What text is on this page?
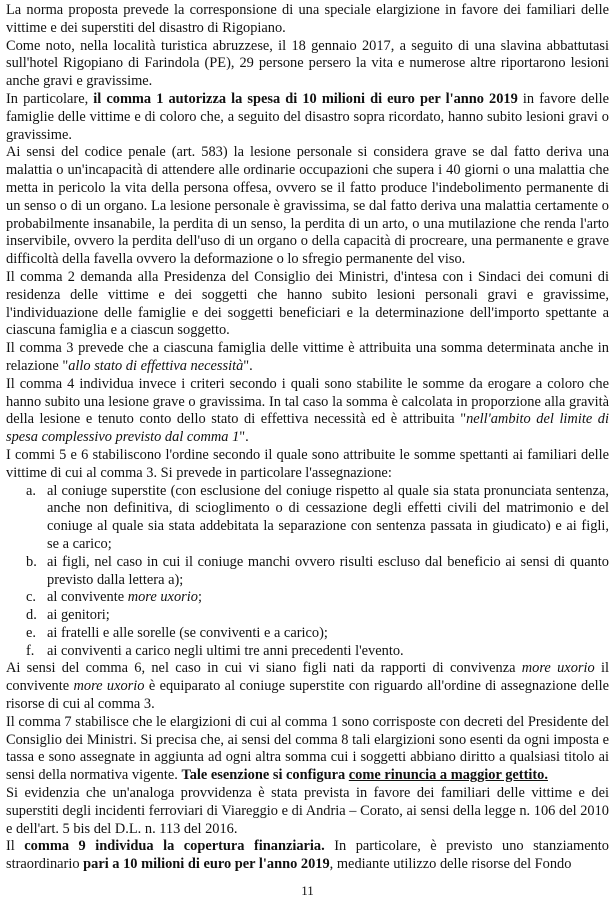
La norma proposta prevede la corresponsione di una speciale elargizione in favore dei familiari delle vittime e dei superstiti del disastro di Rigopiano.

Come noto, nella località turistica abruzzese, il 18 gennaio 2017, a seguito di una slavina abbattutasi sull'hotel Rigopiano di Farindola (PE), 29 persone persero la vita e numerose altre riportarono lesioni anche gravi e gravissime.

In particolare, il comma 1 autorizza la spesa di 10 milioni di euro per l'anno 2019 in favore delle famiglie delle vittime e di coloro che, a seguito del disastro sopra ricordato, hanno subito lesioni gravi o gravissime.

Ai sensi del codice penale (art. 583) la lesione personale si considera grave se dal fatto deriva una malattia o un'incapacità di attendere alle ordinarie occupazioni che supera i 40 giorni o una malattia che metta in pericolo la vita della persona offesa, ovvero se il fatto produce l'indebolimento permanente di un senso o di un organo. La lesione personale è gravissima, se dal fatto deriva una malattia certamente o probabilmente insanabile, la perdita di un senso, la perdita di un arto, o una mutilazione che renda l'arto inservibile, ovvero la perdita dell'uso di un organo o della capacità di procreare, una permanente e grave difficoltà della favella ovvero la deformazione o lo sfregio permanente del viso.

Il comma 2 demanda alla Presidenza del Consiglio dei Ministri, d'intesa con i Sindaci dei comuni di residenza delle vittime e dei soggetti che hanno subito lesioni personali gravi e gravissime, l'individuazione delle famiglie e dei soggetti beneficiari e la determinazione dell'importo spettante a ciascuna famiglia e a ciascun soggetto.

Il comma 3 prevede che a ciascuna famiglia delle vittime è attribuita una somma determinata anche in relazione "allo stato di effettiva necessità".

Il comma 4 individua invece i criteri secondo i quali sono stabilite le somme da erogare a coloro che hanno subito una lesione grave o gravissima. In tal caso la somma è calcolata in proporzione alla gravità della lesione e tenuto conto dello stato di effettiva necessità ed è attribuita "nell'ambito del limite di spesa complessivo previsto dal comma 1".

I commi 5 e 6 stabiliscono l'ordine secondo il quale sono attribuite le somme spettanti ai familiari delle vittime di cui al comma 3. Si prevede in particolare l'assegnazione:

a. al coniuge superstite (con esclusione del coniuge rispetto al quale sia stata pronunciata sentenza, anche non definitiva, di scioglimento o di cessazione degli effetti civili del matrimonio e del coniuge al quale sia stata addebitata la separazione con sentenza passata in giudicato) e ai figli, se a carico;
b. ai figli, nel caso in cui il coniuge manchi ovvero risulti escluso dal beneficio ai sensi di quanto previsto dalla lettera a);
c. al convivente more uxorio;
d. ai genitori;
e. ai fratelli e alle sorelle (se conviventi e a carico);
f. ai conviventi a carico negli ultimi tre anni precedenti l'evento.

Ai sensi del comma 6, nel caso in cui vi siano figli nati da rapporti di convivenza more uxorio il convivente more uxorio è equiparato al coniuge superstite con riguardo all'ordine di assegnazione delle risorse di cui al comma 3.

Il comma 7 stabilisce che le elargizioni di cui al comma 1 sono corrisposte con decreti del Presidente del Consiglio dei Ministri. Si precisa che, ai sensi del comma 8 tali elargizioni sono esenti da ogni imposta e tassa e sono assegnate in aggiunta ad ogni altra somma cui i soggetti abbiano diritto a qualsiasi titolo ai sensi della normativa vigente. Tale esenzione si configura come rinuncia a maggior gettito.

Si evidenzia che un'analoga provvidenza è stata prevista in favore dei familiari delle vittime e dei superstiti degli incidenti ferroviari di Viareggio e di Andria – Corato, ai sensi della legge n. 106 del 2010 e dell'art. 5 bis del D.L. n. 113 del 2016.

Il comma 9 individua la copertura finanziaria. In particolare, è previsto uno stanziamento straordinario pari a 10 milioni di euro per l'anno 2019, mediante utilizzo delle risorse del Fondo

11
